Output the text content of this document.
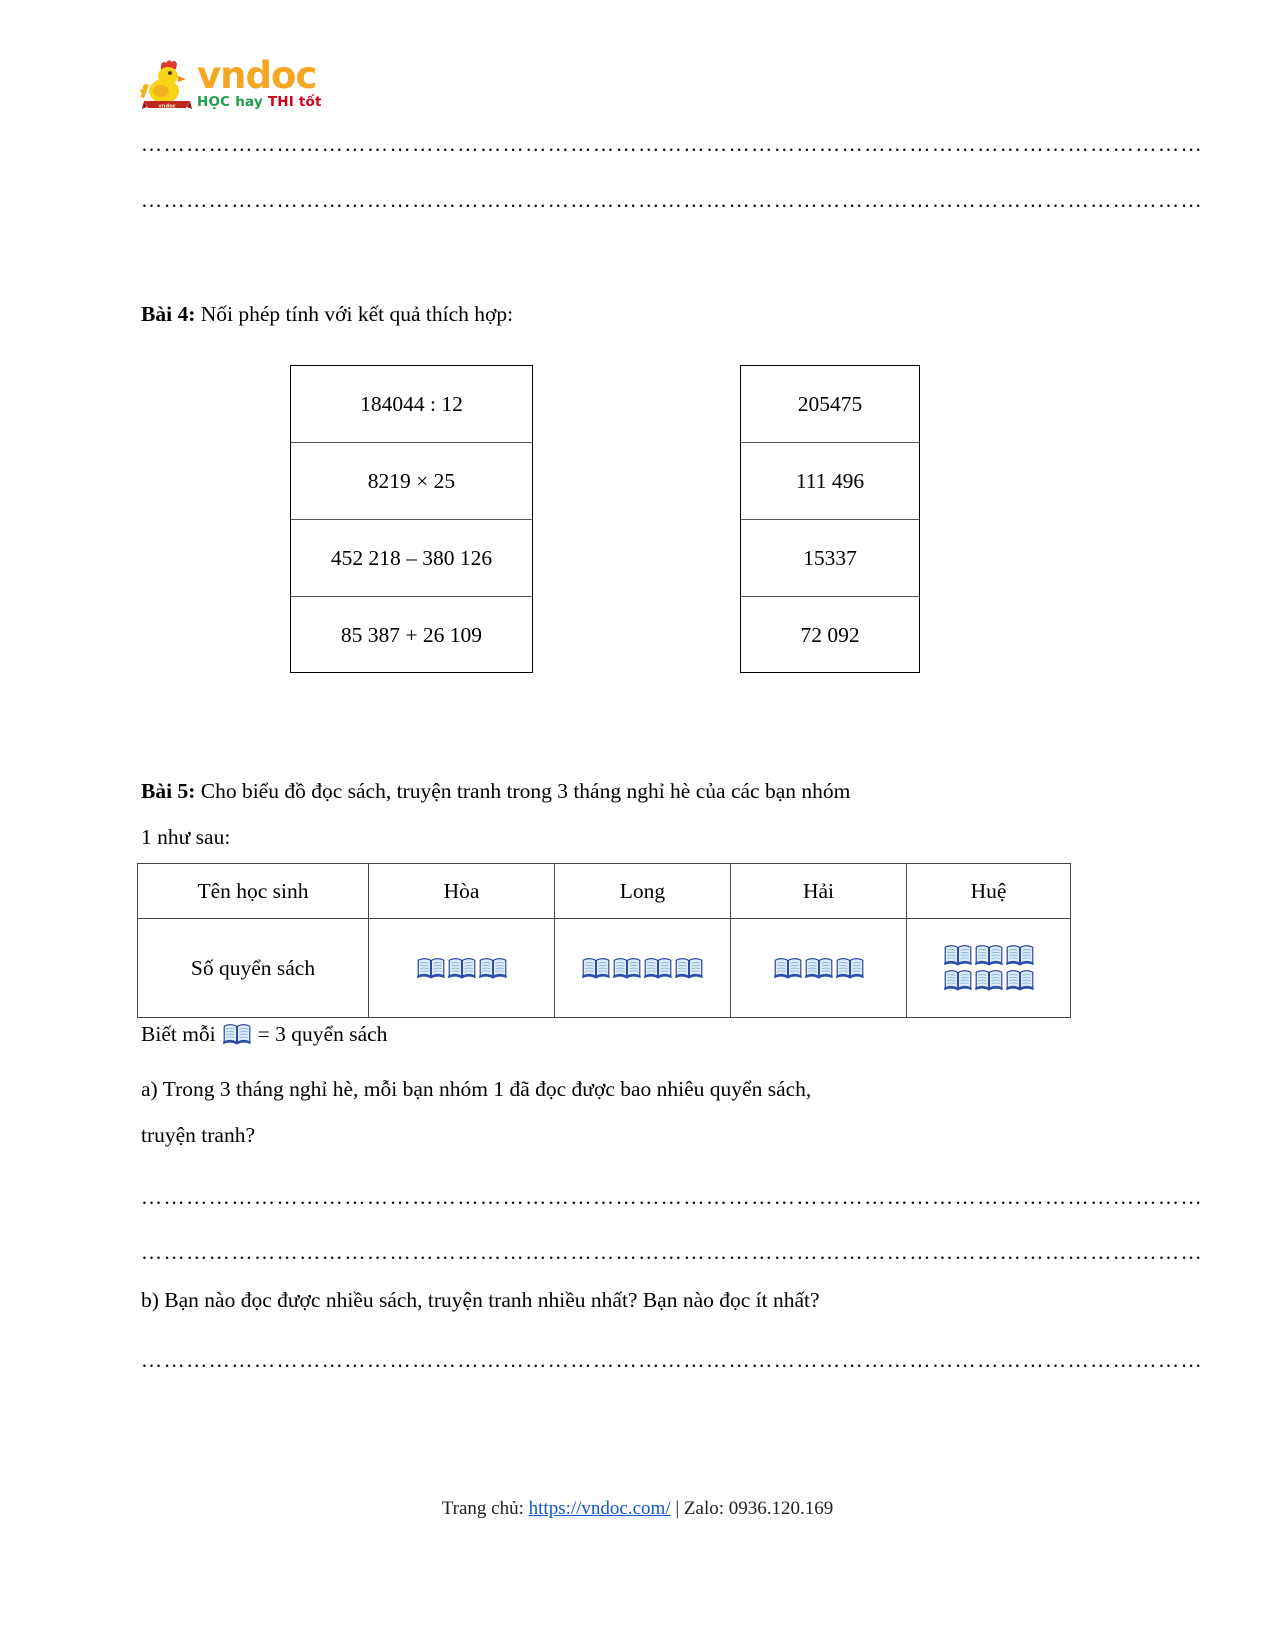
vndoc
vndoc
HỌC hay THI tốt
……………………………………………………………………………………………………………………………
……………………………………………………………………………………………………………………………
Bài 4: Nối phép tính với kết quả thích hợp:
184044 : 12
8219 × 25
452 218 – 380 126
85 387 + 26 109
205475
111 496
15337
72 092
Bài 5: Cho biểu đồ đọc sách, truyện tranh trong 3 tháng nghỉ hè của các bạn nhóm
1 như sau:
Tên học sinh	Hòa	Long	Hải	Huệ
Số quyển sách	

Biết mỗi = 3 quyển sách
a) Trong 3 tháng nghỉ hè, mỗi bạn nhóm 1 đã đọc được bao nhiêu quyển sách,
truyện tranh?
……………………………………………………………………………………………………………………………
……………………………………………………………………………………………………………………………
b) Bạn nào đọc được nhiều sách, truyện tranh nhiều nhất? Bạn nào đọc ít nhất?
……………………………………………………………………………………………………………………………
Trang chủ: https://vndoc.com/ | Zalo: 0936.120.169
